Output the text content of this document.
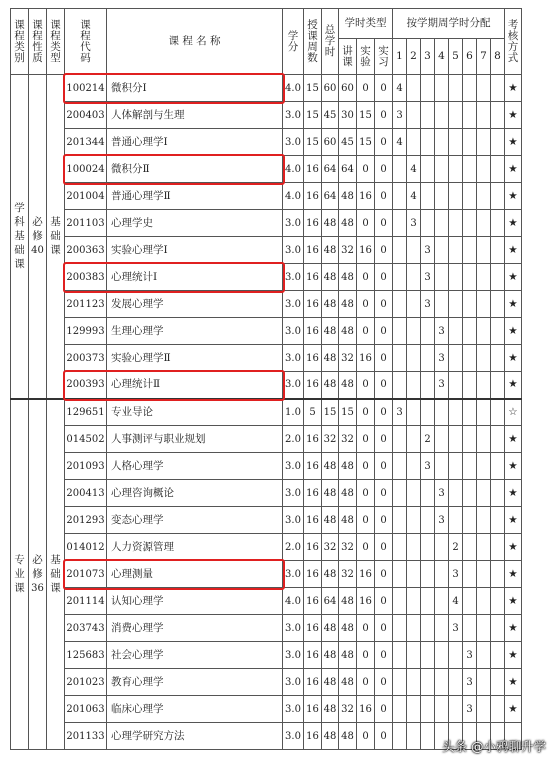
课
程
类
别	课
程
性
质	课
程
类
型	课
程
代
码	课 程 名 称	学
分	授
课
周
数	总
学
时	学时类型			按学期周学时分配								考
核
方
式

								讲
课	实
验	实
习	1	2	3	4	5	6	7	8	

学
科
基
础
课	必
修
40	基
础
课	100214	微积分Ⅰ	4.0	15	60	60	0	0	4								★
			200403	人体解剖与生理	3.0	15	45	30	15	0	3								★
			201344	普通心理学Ⅰ	3.0	15	60	45	15	0	4								★
			100024	微积分Ⅱ	4.0	16	64	64	0	0		4							★
			201004	普通心理学Ⅱ	4.0	16	64	48	16	0		4							★
			201103	心理学史	3.0	16	48	48	0	0		3							★
			200363	实验心理学Ⅰ	3.0	16	48	32	16	0			3						★
			200383	心理统计Ⅰ	3.0	16	48	48	0	0			3						★
			201123	发展心理学	3.0	16	48	48	0	0			3						★
			129993	生理心理学	3.0	16	48	48	0	0				3					★
			200373	实验心理学Ⅱ	3.0	16	48	32	16	0				3					★
			200393	心理统计Ⅱ	3.0	16	48	48	0	0				3					★

专
业
课	必
修
36	基
础
课	129651	专业导论	1.0	5	15	15	0	0	3								☆
			014502	人事测评与职业规划	2.0	16	32	32	0	0			2						★
			201093	人格心理学	3.0	16	48	48	0	0			3						★
			200413	心理咨询概论	3.0	16	48	48	0	0				3					★
			201293	变态心理学	3.0	16	48	48	0	0				3					★
			014012	人力资源管理	2.0	16	32	32	0	0					2				★
			201073	心理测量	3.0	16	48	32	16	0					3				★
			201114	认知心理学	4.0	16	64	48	16	0					4				★
			203743	消费心理学	3.0	16	48	48	0	0					3				★
			125683	社会心理学	3.0	16	48	48	0	0						3			★
			201023	教育心理学	3.0	16	48	48	0	0						3			★
			201063	临床心理学	3.0	16	48	32	16	0						3			★
			201133	心理学研究方法	3.0	16	48	48	0	0									
头条 @小鸦聊升学
